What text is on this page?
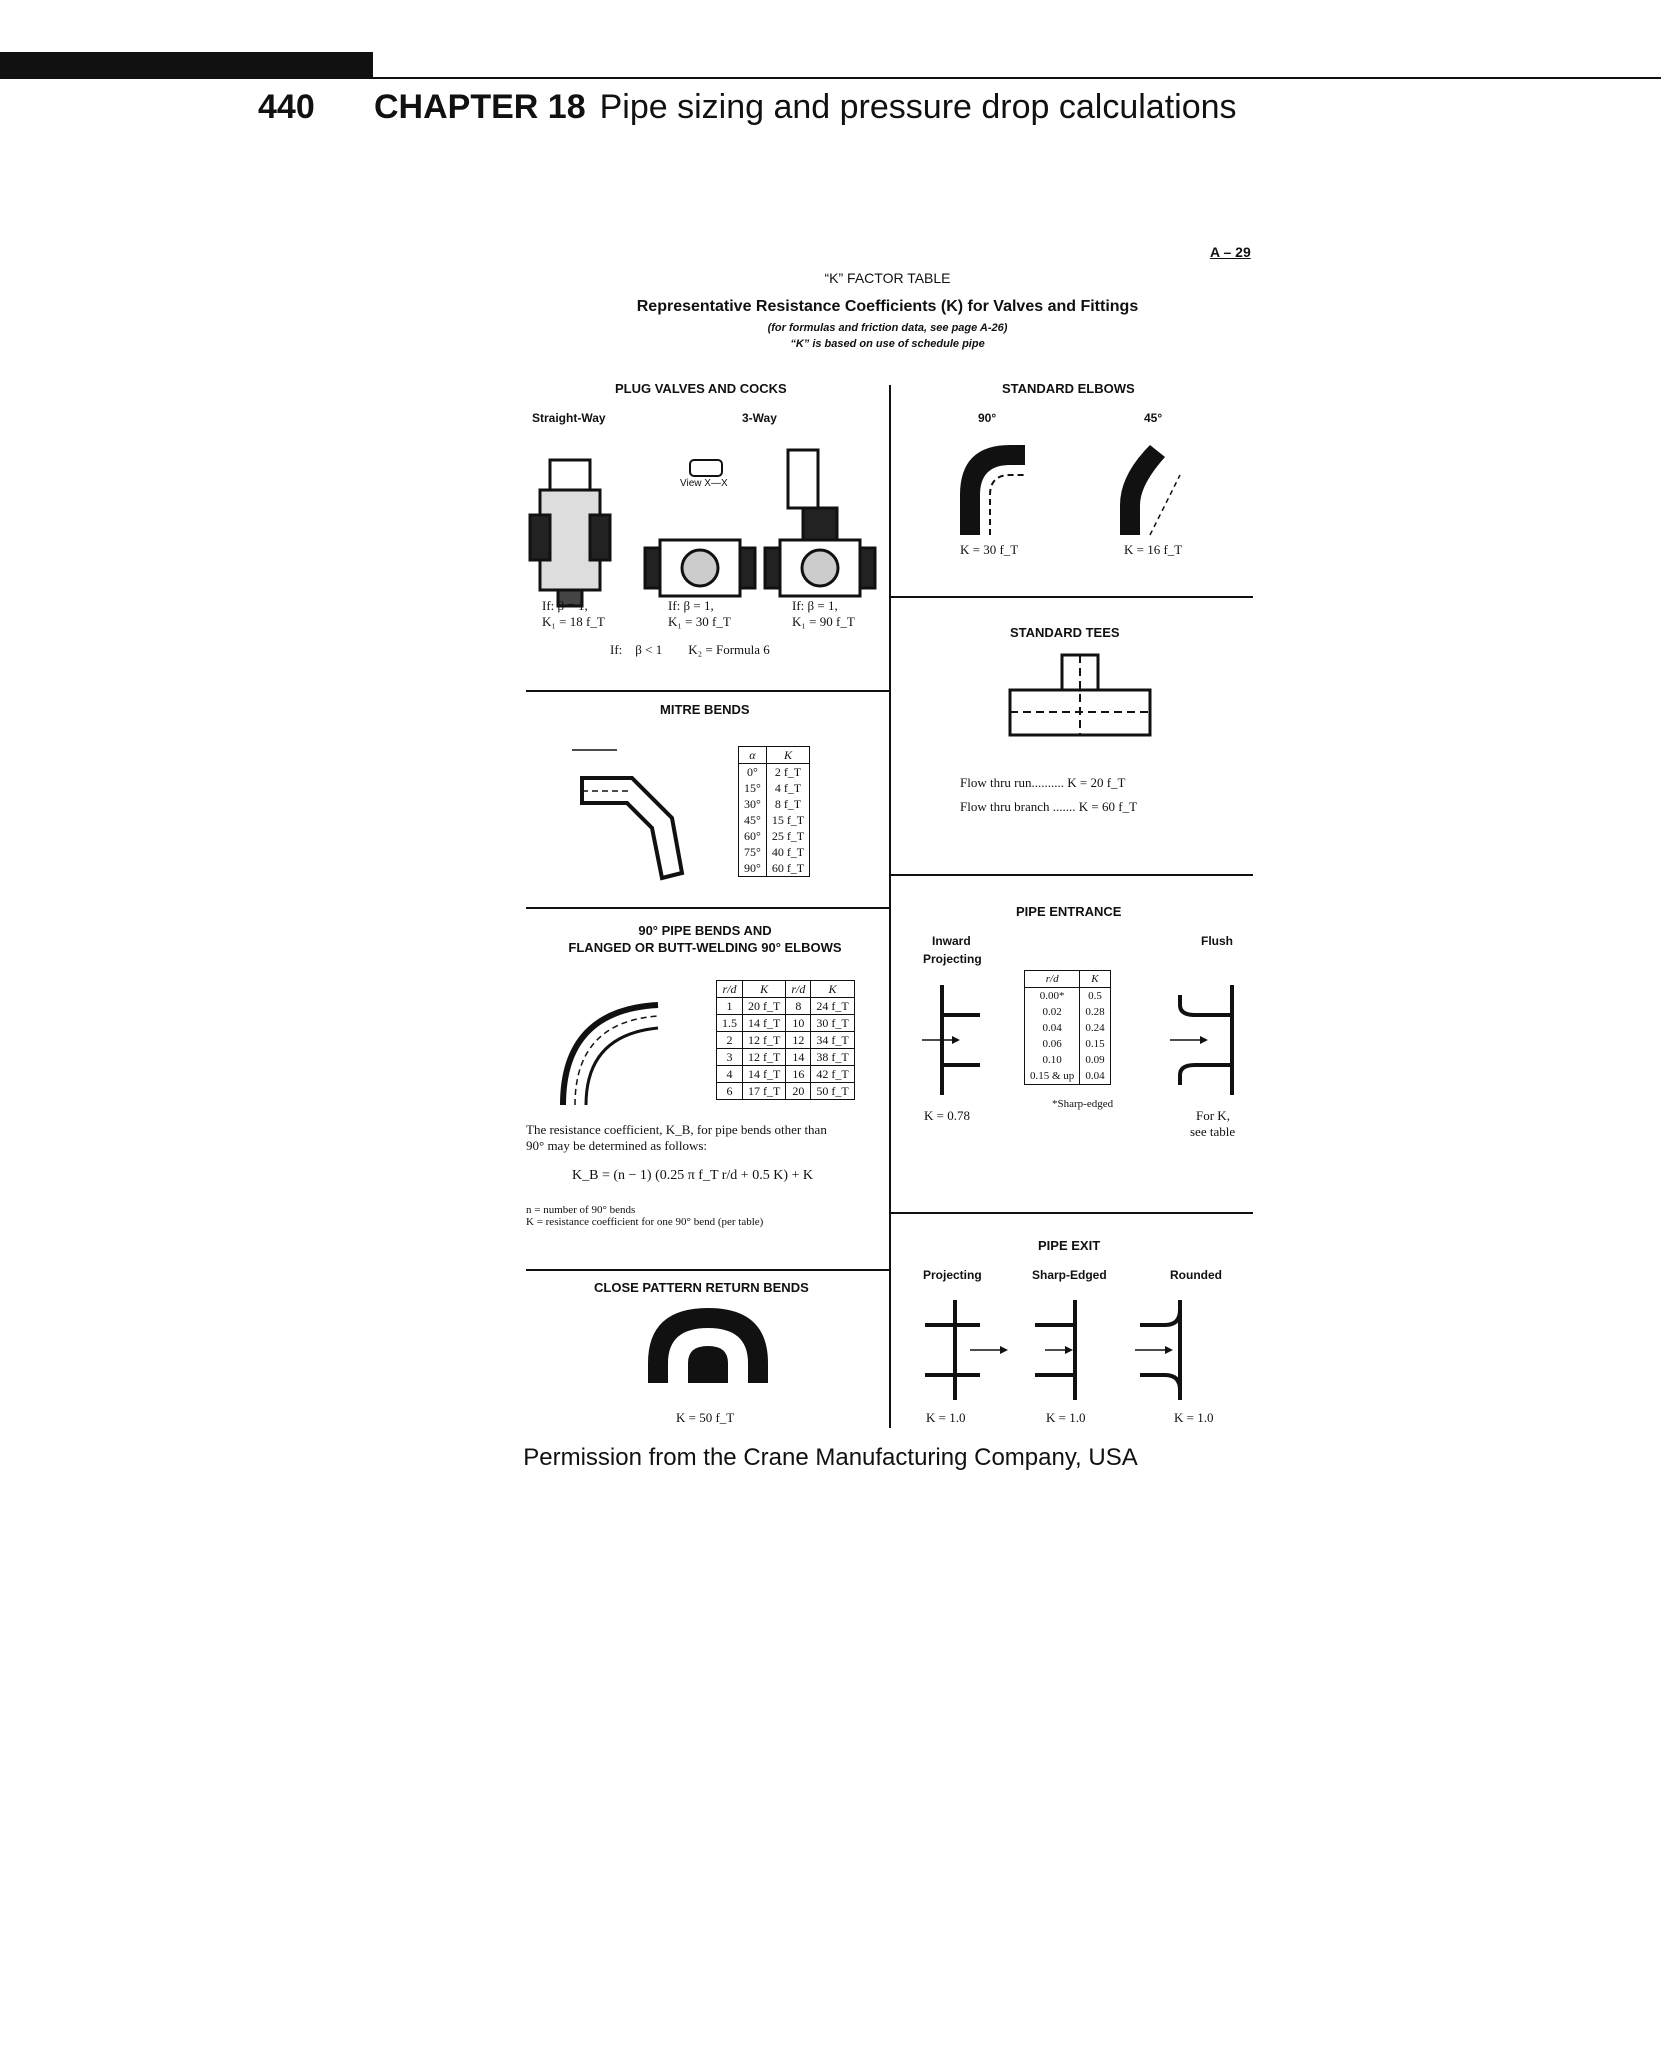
440 CHAPTER 18 Pipe sizing and pressure drop calculations
A – 29
“K” FACTOR TABLE
Representative Resistance Coefficients (K) for Valves and Fittings
(for formulas and friction data, see page A-26)
“K” is based on use of schedule pipe
PLUG VALVES AND COCKS
Straight-Way	3-Way
View X—X
If: β = 1,
K₁ = 18 f_T
If: β = 1,
K₁ = 30 f_T
If: β = 1,
K₁ = 90 f_T
If:    β < 1        K₂ = Formula 6
STANDARD ELBOWS
90°	45°
K = 30 f_T	K = 16 f_T
STANDARD TEES
Flow thru run.......... K = 20 f_T
Flow thru branch ....... K = 60 f_T
MITRE BENDS
α	K
0°	2 f_T
15°	4 f_T
30°	8 f_T
45°	15 f_T
60°	25 f_T
75°	40 f_T
90°	60 f_T
90° PIPE BENDS AND
FLANGED OR BUTT-WELDING 90° ELBOWS
r/d	K	r/d	K
1	20 f_T	8	24 f_T
1.5	14 f_T	10	30 f_T
2	12 f_T	12	34 f_T
3	12 f_T	14	38 f_T
4	14 f_T	16	42 f_T
6	17 f_T	20	50 f_T
The resistance coefficient, K_B, for pipe bends other than
90° may be determined as follows:
K_B = (n − 1) (0.25 π f_T r/d + 0.5 K) + K
n = number of 90° bends
K = resistance coefficient for one 90° bend (per table)
PIPE ENTRANCE
Inward
Projecting
Flush
r/d	K
0.00*	0.5
0.02	0.28
0.04	0.24
0.06	0.15
0.10	0.09
0.15 & up	0.04
*Sharp-edged
K = 0.78	For K,
see table
CLOSE PATTERN RETURN BENDS
K = 50 f_T
PIPE EXIT
Projecting	Sharp-Edged	Rounded
K = 1.0	K = 1.0	K = 1.0
Permission from the Crane Manufacturing Company, USA
